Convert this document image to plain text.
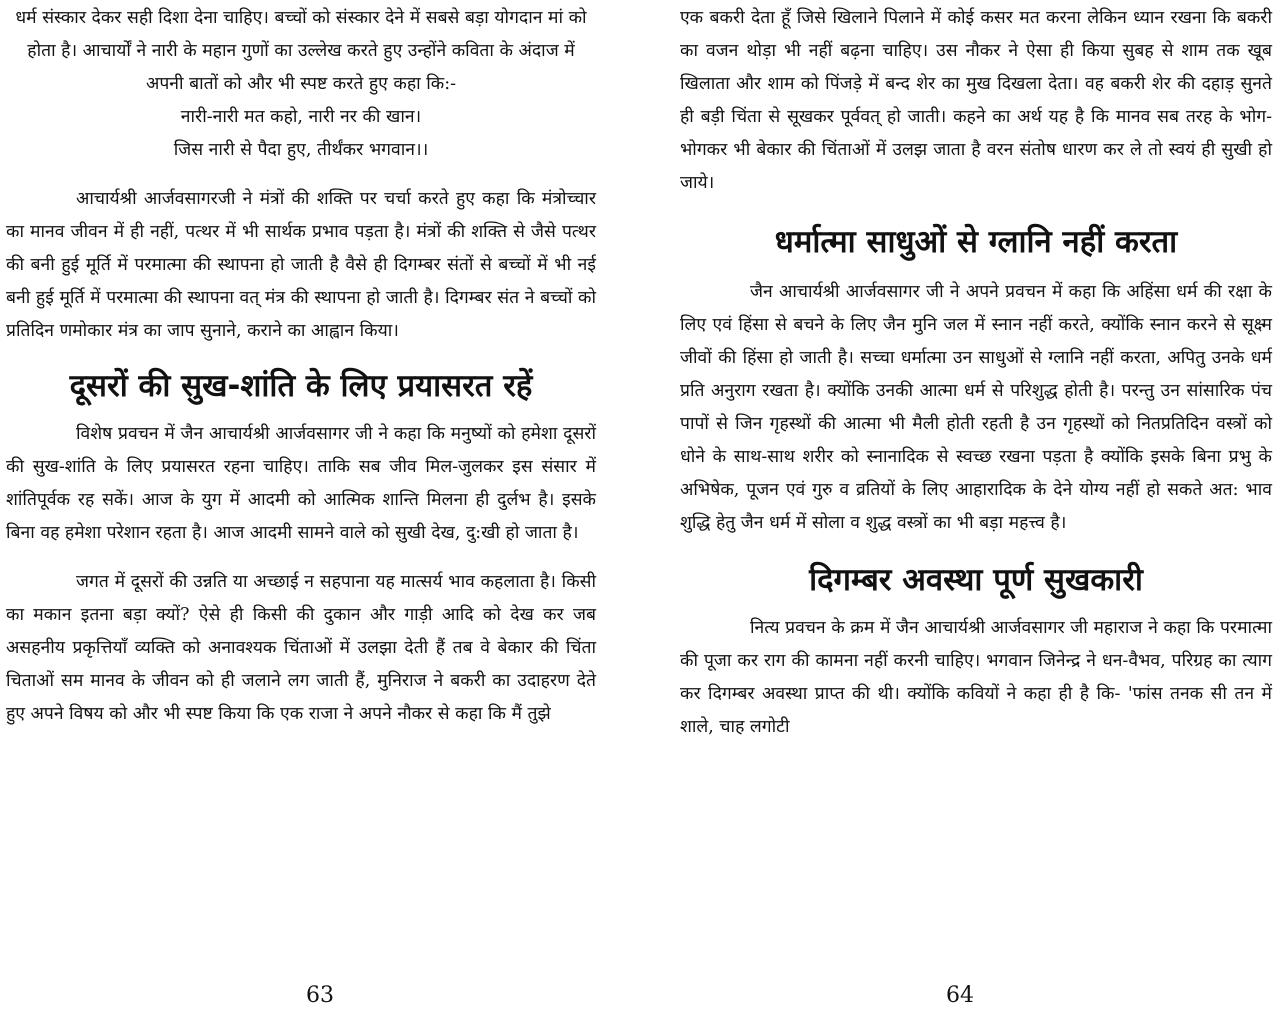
धर्म संस्कार देकर सही दिशा देना चाहिए। बच्चों को संस्कार देने में सबसे बड़ा योगदान मां को होता है। आचार्यों ने नारी के महान गुणों का उल्लेख करते हुए उन्होंने कविता के अंदाज में अपनी बातों को और भी स्पष्ट करते हुए कहा कि:-

नारी-नारी मत कहो, नारी नर की खान।
जिस नारी से पैदा हुए, तीर्थंकर भगवान।।

आचार्यश्री आर्जवसागरजी ने मंत्रों की शक्ति पर चर्चा करते हुए कहा कि मंत्रोच्चार का मानव जीवन में ही नहीं, पत्थर में भी सार्थक प्रभाव पड़ता है। मंत्रों की शक्ति से जैसे पत्थर की बनी हुई मूर्ति में परमात्मा की स्थापना हो जाती है वैसे ही दिगम्बर संतों से बच्चों में भी नई बनी हुई मूर्ति में परमात्मा की स्थापना वत् मंत्र की स्थापना हो जाती है। दिगम्बर संत ने बच्चों को प्रतिदिन णमोकार मंत्र का जाप सुनाने, कराने का आह्वान किया।

दूसरों की सुख-शांति के लिए प्रयासरत रहें

विशेष प्रवचन में जैन आचार्यश्री आर्जवसागर जी ने कहा कि मनुष्यों को हमेशा दूसरों की सुख-शांति के लिए प्रयासरत रहना चाहिए। ताकि सब जीव मिल-जुलकर इस संसार में शांतिपूर्वक रह सकें। आज के युग में आदमी को आत्मिक शान्ति मिलना ही दुर्लभ है। इसके बिना वह हमेशा परेशान रहता है। आज आदमी सामने वाले को सुखी देख, दु:खी हो जाता है।

जगत में दूसरों की उन्नति या अच्छाई न सहपाना यह मात्सर्य भाव कहलाता है। किसी का मकान इतना बड़ा क्यों? ऐसे ही किसी की दुकान और गाड़ी आदि को देख कर जब असहनीय प्रकृत्तियाँ व्यक्ति को अनावश्यक चिंताओं में उलझा देती हैं तब वे बेकार की चिंता चिताओं सम मानव के जीवन को ही जलाने लग जाती हैं, मुनिराज ने बकरी का उदाहरण देते हुए अपने विषय को और भी स्पष्ट किया कि एक राजा ने अपने नौकर से कहा कि मैं तुझे

63

एक बकरी देता हूँ जिसे खिलाने पिलाने में कोई कसर मत करना लेकिन ध्यान रखना कि बकरी का वजन थोड़ा भी नहीं बढ़ना चाहिए। उस नौकर ने ऐसा ही किया सुबह से शाम तक खूब खिलाता और शाम को पिंजड़े में बन्द शेर का मुख दिखला देता। वह बकरी शेर की दहाड़ सुनते ही बड़ी चिंता से सूखकर पूर्ववत् हो जाती। कहने का अर्थ यह है कि मानव सब तरह के भोग-भोगकर भी बेकार की चिंताओं में उलझ जाता है वरन संतोष धारण कर ले तो स्वयं ही सुखी हो जाये।

धर्मात्मा साधुओं से ग्लानि नहीं करता

जैन आचार्यश्री आर्जवसागर जी ने अपने प्रवचन में कहा कि अहिंसा धर्म की रक्षा के लिए एवं हिंसा से बचने के लिए जैन मुनि जल में स्नान नहीं करते, क्योंकि स्नान करने से सूक्ष्म जीवों की हिंसा हो जाती है। सच्चा धर्मात्मा उन साधुओं से ग्लानि नहीं करता, अपितु उनके धर्म प्रति अनुराग रखता है। क्योंकि उनकी आत्मा धर्म से परिशुद्ध होती है। परन्तु उन सांसारिक पंच पापों से जिन गृहस्थों की आत्मा भी मैली होती रहती है उन गृहस्थों को नितप्रतिदिन वस्त्रों को धोने के साथ-साथ शरीर को स्नानादिक से स्वच्छ रखना पड़ता है क्योंकि इसके बिना प्रभु के अभिषेक, पूजन एवं गुरु व व्रतियों के लिए आहारादिक के देने योग्य नहीं हो सकते अत: भाव शुद्धि हेतु जैन धर्म में सोला व शुद्ध वस्त्रों का भी बड़ा महत्त्व है।

दिगम्बर अवस्था पूर्ण सुखकारी

नित्य प्रवचन के क्रम में जैन आचार्यश्री आर्जवसागर जी महाराज ने कहा कि परमात्मा की पूजा कर राग की कामना नहीं करनी चाहिए। भगवान जिनेन्द्र ने धन-वैभव, परिग्रह का त्याग कर दिगम्बर अवस्था प्राप्त की थी। क्योंकि कवियों ने कहा ही है कि- 'फांस तनक सी तन में शाले, चाह लगोटी

64
